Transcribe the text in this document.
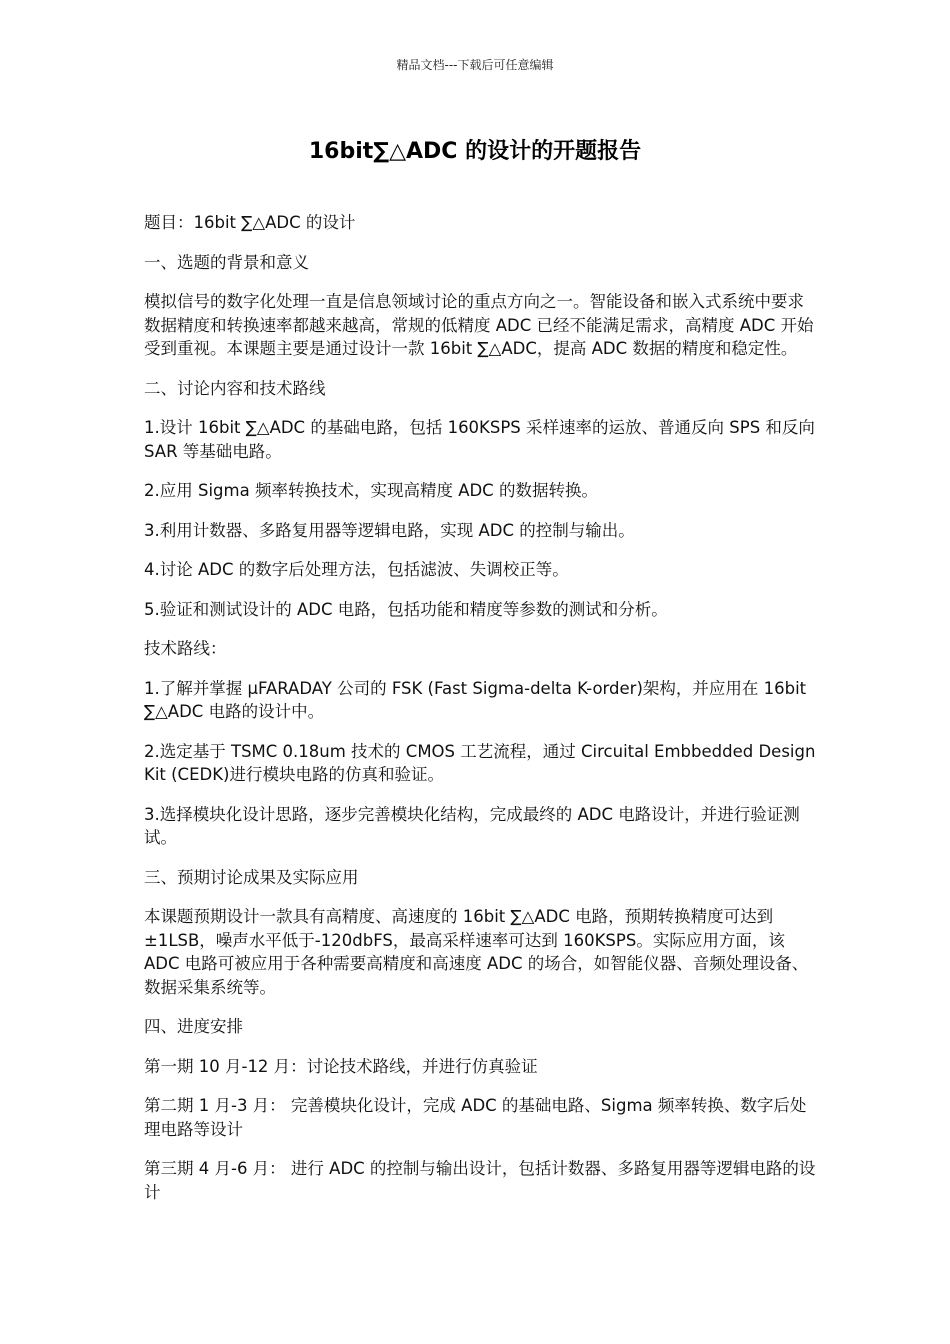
精品文档---下载后可任意编辑
16bit∑△ADC 的设计的开题报告

题目：16bit ∑△ADC 的设计

一、选题的背景和意义

模拟信号的数字化处理一直是信息领域讨论的重点方向之一。智能设备和嵌入式系统中要求数据精度和转换速率都越来越高，常规的低精度 ADC 已经不能满足需求，高精度 ADC 开始受到重视。本课题主要是通过设计一款 16bit ∑△ADC，提高 ADC 数据的精度和稳定性。

二、讨论内容和技术路线

1.设计 16bit ∑△ADC 的基础电路，包括 160KSPS 采样速率的运放、普通反向 SPS 和反向 SAR 等基础电路。

2.应用 Sigma 频率转换技术，实现高精度 ADC 的数据转换。

3.利用计数器、多路复用器等逻辑电路，实现 ADC 的控制与输出。

4.讨论 ADC 的数字后处理方法，包括滤波、失调校正等。

5.验证和测试设计的 ADC 电路，包括功能和精度等参数的测试和分析。

技术路线：

1.了解并掌握 μFARADAY 公司的 FSK (Fast Sigma-delta K-order)架构，并应用在 16bit ∑△ADC 电路的设计中。

2.选定基于 TSMC 0.18um 技术的 CMOS 工艺流程，通过 Circuital Embbedded Design Kit (CEDK)进行模块电路的仿真和验证。

3.选择模块化设计思路，逐步完善模块化结构，完成最终的 ADC 电路设计，并进行验证测试。

三、预期讨论成果及实际应用

本课题预期设计一款具有高精度、高速度的 16bit ∑△ADC 电路，预期转换精度可达到±1LSB，噪声水平低于-120dbFS，最高采样速率可达到 160KSPS。实际应用方面，该 ADC 电路可被应用于各种需要高精度和高速度 ADC 的场合，如智能仪器、音频处理设备、数据采集系统等。

四、进度安排

第一期 10 月-12 月：讨论技术路线，并进行仿真验证

第二期 1 月-3 月： 完善模块化设计，完成 ADC 的基础电路、Sigma 频率转换、数字后处理电路等设计

第三期 4 月-6 月： 进行 ADC 的控制与输出设计，包括计数器、多路复用器等逻辑电路的设计
